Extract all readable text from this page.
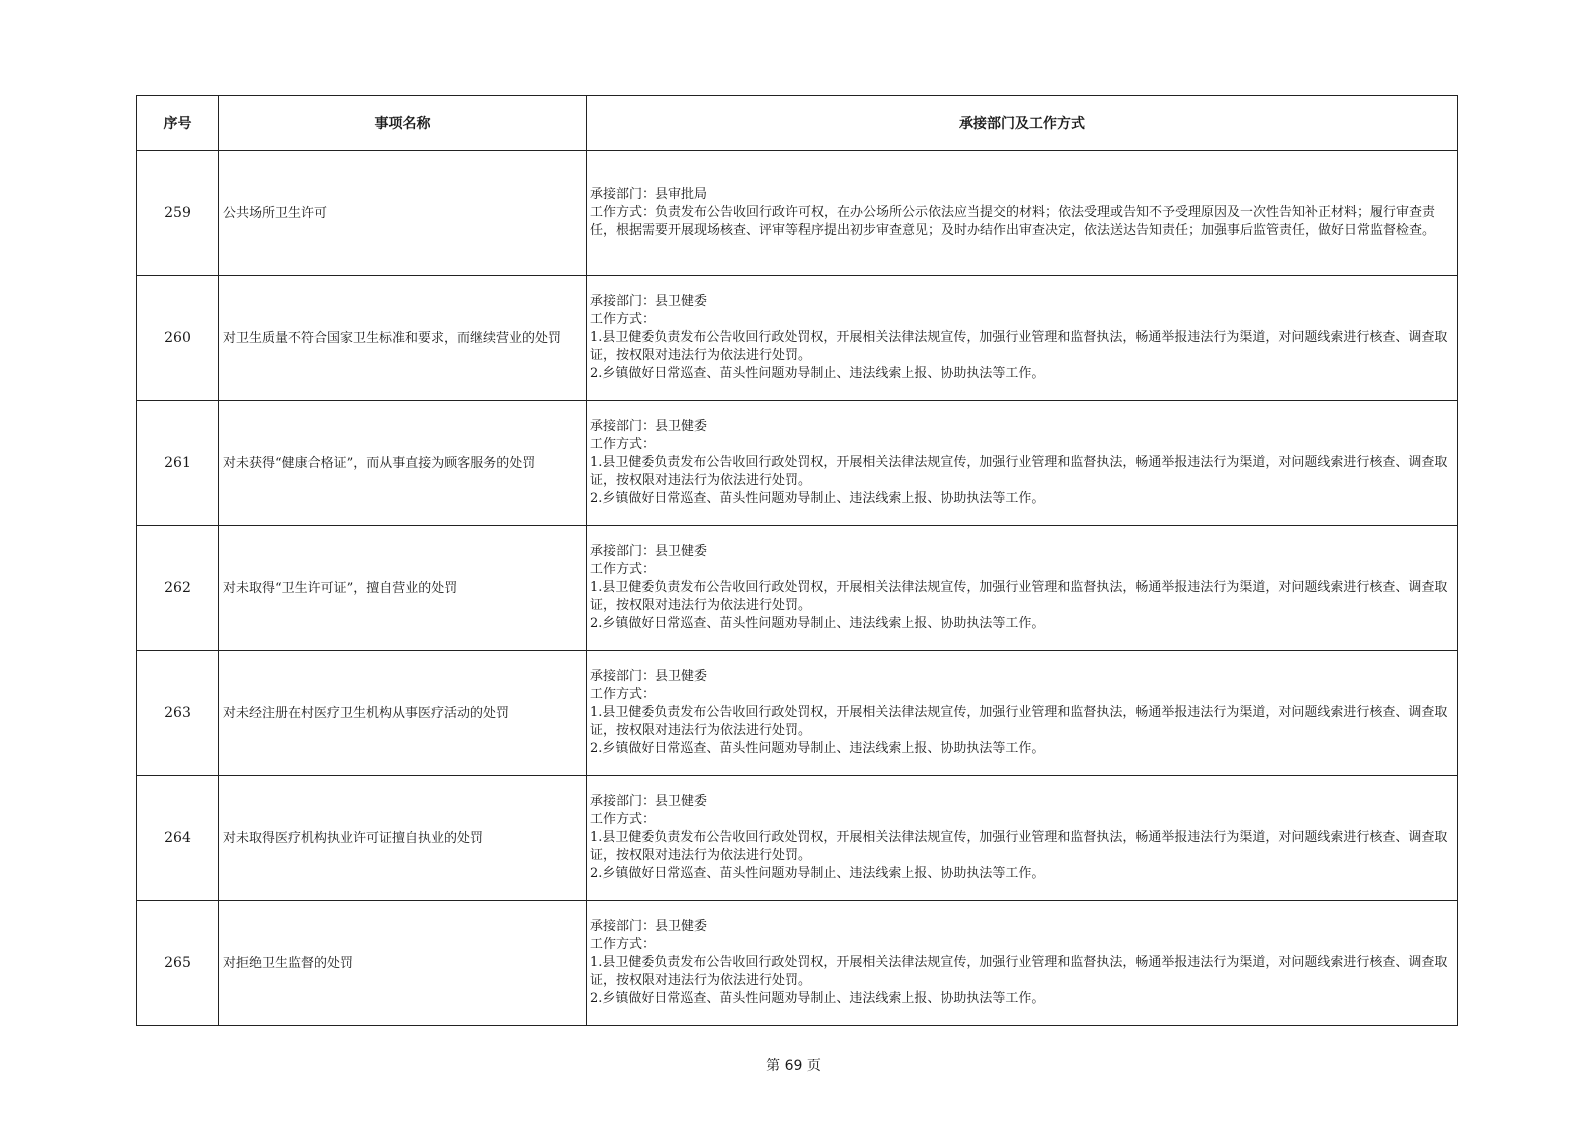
序号	事项名称	承接部门及工作方式
259	公共场所卫生许可	承接部门：县审批局
工作方式：负责发布公告收回行政许可权，在办公场所公示依法应当提交的材料；依法受理或告知不予受理原因及一次性告知补正材料；履行审查责任，根据需要开展现场核查、评审等程序提出初步审查意见；及时办结作出审查决定，依法送达告知责任；加强事后监管责任，做好日常监督检查。

260	对卫生质量不符合国家卫生标准和要求，而继续营业的处罚	承接部门：县卫健委
工作方式：
1.县卫健委负责发布公告收回行政处罚权，开展相关法律法规宣传，加强行业管理和监督执法，畅通举报违法行为渠道，对问题线索进行核查、调查取证，按权限对违法行为依法进行处罚。
2.乡镇做好日常巡查、苗头性问题劝导制止、违法线索上报、协助执法等工作。

261	对未获得“健康合格证”，而从事直接为顾客服务的处罚	承接部门：县卫健委
工作方式：
1.县卫健委负责发布公告收回行政处罚权，开展相关法律法规宣传，加强行业管理和监督执法，畅通举报违法行为渠道，对问题线索进行核查、调查取证，按权限对违法行为依法进行处罚。
2.乡镇做好日常巡查、苗头性问题劝导制止、违法线索上报、协助执法等工作。

262	对未取得“卫生许可证”，擅自营业的处罚	承接部门：县卫健委
工作方式：
1.县卫健委负责发布公告收回行政处罚权，开展相关法律法规宣传，加强行业管理和监督执法，畅通举报违法行为渠道，对问题线索进行核查、调查取证，按权限对违法行为依法进行处罚。
2.乡镇做好日常巡查、苗头性问题劝导制止、违法线索上报、协助执法等工作。

263	对未经注册在村医疗卫生机构从事医疗活动的处罚	承接部门：县卫健委
工作方式：
1.县卫健委负责发布公告收回行政处罚权，开展相关法律法规宣传，加强行业管理和监督执法，畅通举报违法行为渠道，对问题线索进行核查、调查取证，按权限对违法行为依法进行处罚。
2.乡镇做好日常巡查、苗头性问题劝导制止、违法线索上报、协助执法等工作。

264	对未取得医疗机构执业许可证擅自执业的处罚	承接部门：县卫健委
工作方式：
1.县卫健委负责发布公告收回行政处罚权，开展相关法律法规宣传，加强行业管理和监督执法，畅通举报违法行为渠道，对问题线索进行核查、调查取证，按权限对违法行为依法进行处罚。
2.乡镇做好日常巡查、苗头性问题劝导制止、违法线索上报、协助执法等工作。

265	对拒绝卫生监督的处罚	承接部门：县卫健委
工作方式：
1.县卫健委负责发布公告收回行政处罚权，开展相关法律法规宣传，加强行业管理和监督执法，畅通举报违法行为渠道，对问题线索进行核查、调查取证，按权限对违法行为依法进行处罚。
2.乡镇做好日常巡查、苗头性问题劝导制止、违法线索上报、协助执法等工作。
第 69 页
